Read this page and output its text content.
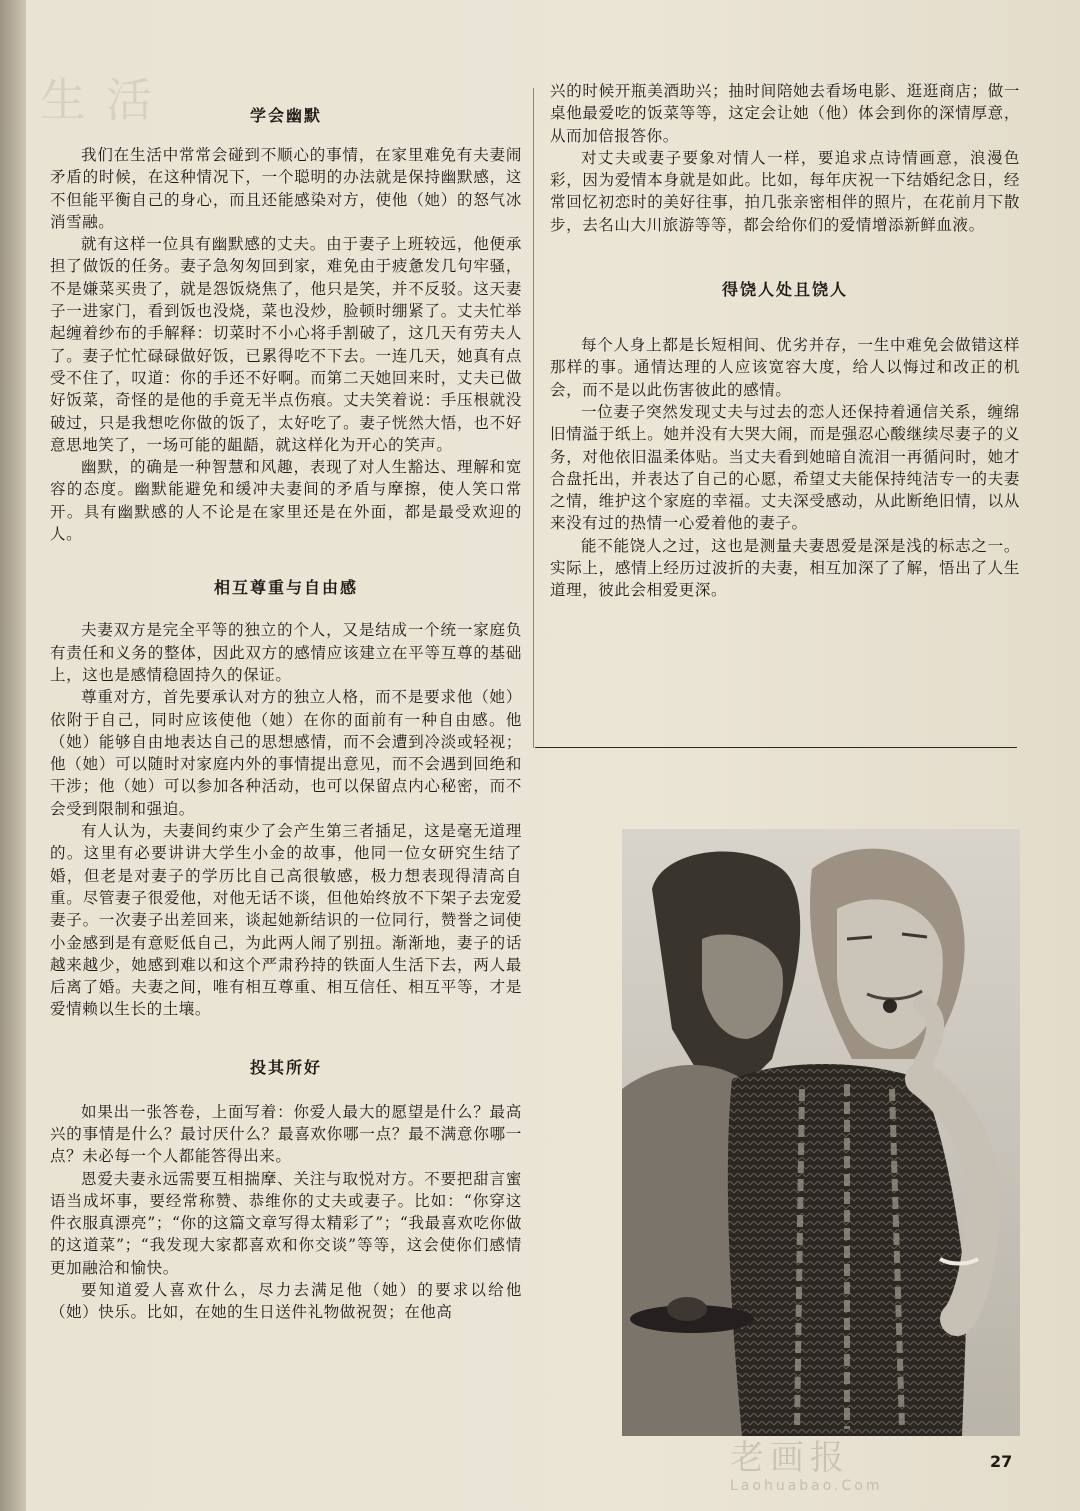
生活	学会幽默

我们在生活中常常会碰到不顺心的事情，在家里难免有夫妻闹矛盾的时候，在这种情况下，一个聪明的办法就是保持幽默感，这不但能平衡自己的身心，而且还能感染对方，使他（她）的怒气冰消雪融。

就有这样一位具有幽默感的丈夫。由于妻子上班较远，他便承担了做饭的任务。妻子急匆匆回到家，难免由于疲惫发几句牢骚，不是嫌菜买贵了，就是怨饭烧焦了，他只是笑，并不反驳。这天妻子一进家门，看到饭也没烧，菜也没炒，脸顿时绷紧了。丈夫忙举起缠着纱布的手解释：切菜时不小心将手割破了，这几天有劳夫人了。妻子忙忙碌碌做好饭，已累得吃不下去。一连几天，她真有点受不住了，叹道：你的手还不好啊。而第二天她回来时，丈夫已做好饭菜，奇怪的是他的手竟无半点伤痕。丈夫笑着说：手压根就没破过，只是我想吃你做的饭了，太好吃了。妻子恍然大悟，也不好意思地笑了，一场可能的龃龉，就这样化为开心的笑声。

幽默，的确是一种智慧和风趣，表现了对人生豁达、理解和宽容的态度。幽默能避免和缓冲夫妻间的矛盾与摩擦，使人笑口常开。具有幽默感的人不论是在家里还是在外面，都是最受欢迎的人。

相互尊重与自由感

夫妻双方是完全平等的独立的个人，又是结成一个统一家庭负有责任和义务的整体，因此双方的感情应该建立在平等互尊的基础上，这也是感情稳固持久的保证。

尊重对方，首先要承认对方的独立人格，而不是要求他（她）依附于自己，同时应该使他（她）在你的面前有一种自由感。他（她）能够自由地表达自己的思想感情，而不会遭到冷淡或轻视；他（她）可以随时对家庭内外的事情提出意见，而不会遇到回绝和干涉；他（她）可以参加各种活动，也可以保留点内心秘密，而不会受到限制和强迫。

有人认为，夫妻间约束少了会产生第三者插足，这是毫无道理的。这里有必要讲讲大学生小金的故事，他同一位女研究生结了婚，但老是对妻子的学历比自己高很敏感，极力想表现得清高自重。尽管妻子很爱他，对他无话不谈，但他始终放不下架子去宠爱妻子。一次妻子出差回来，谈起她新结识的一位同行，赞誉之词使小金感到是有意贬低自己，为此两人闹了别扭。渐渐地，妻子的话越来越少，她感到难以和这个严肃矜持的铁面人生活下去，两人最后离了婚。夫妻之间，唯有相互尊重、相互信任、相互平等，才是爱情赖以生长的土壤。

投其所好

如果出一张答卷，上面写着：你爱人最大的愿望是什么？最高兴的事情是什么？最讨厌什么？最喜欢你哪一点？最不满意你哪一点？未必每一个人都能答得出来。

恩爱夫妻永远需要互相揣摩、关注与取悦对方。不要把甜言蜜语当成坏事，要经常称赞、恭维你的丈夫或妻子。比如：“你穿这件衣服真漂亮”；“你的这篇文章写得太精彩了”；“我最喜欢吃你做的这道菜”；“我发现大家都喜欢和你交谈”等等，这会使你们感情更加融洽和愉快。

要知道爱人喜欢什么，尽力去满足他（她）的要求以给他（她）快乐。比如，在她的生日送件礼物做祝贺；在他高

兴的时候开瓶美酒助兴；抽时间陪她去看场电影、逛逛商店；做一桌他最爱吃的饭菜等等，这定会让她（他）体会到你的深情厚意，从而加倍报答你。

对丈夫或妻子要象对情人一样，要追求点诗情画意，浪漫色彩，因为爱情本身就是如此。比如，每年庆祝一下结婚纪念日，经常回忆初恋时的美好往事，拍几张亲密相伴的照片，在花前月下散步，去名山大川旅游等等，都会给你们的爱情增添新鲜血液。

得饶人处且饶人

每个人身上都是长短相间、优劣并存，一生中难免会做错这样那样的事。通情达理的人应该宽容大度，给人以悔过和改正的机会，而不是以此伤害彼此的感情。

一位妻子突然发现丈夫与过去的恋人还保持着通信关系，缠绵旧情溢于纸上。她并没有大哭大闹，而是强忍心酸继续尽妻子的义务，对他依旧温柔体贴。当丈夫看到她暗自流泪一再循问时，她才合盘托出，并表达了自己的心愿，希望丈夫能保持纯洁专一的夫妻之情，维护这个家庭的幸福。丈夫深受感动，从此断绝旧情，以从来没有过的热情一心爱着他的妻子。

能不能饶人之过，这也是测量夫妻恩爱是深是浅的标志之一。实际上，感情上经历过波折的夫妻，相互加深了了解，悟出了人生道理，彼此会相爱更深。

老画报
Laohuabao.Com
27
